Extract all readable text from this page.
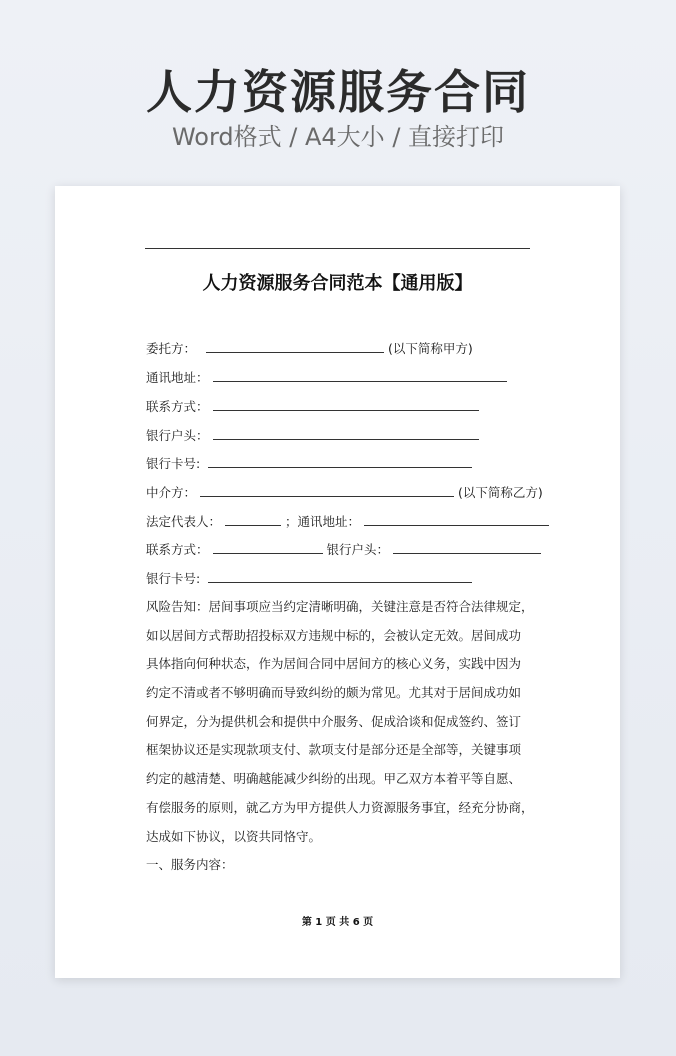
人力资源服务合同
Word格式 / A4大小 / 直接打印
人力资源服务合同范本【通用版】
委托方：	(以下简称甲方)
通讯地址：
联系方式：
银行户头：
银行卡号:
中介方：	(以下简称乙方)
法定代表人：	；通讯地址：
联系方式：	银行户头：
银行卡号:
风险告知：居间事项应当约定清晰明确，关键注意是否符合法律规定，
如以居间方式帮助招投标双方违规中标的，会被认定无效。居间成功
具体指向何种状态，作为居间合同中居间方的核心义务，实践中因为
约定不清或者不够明确而导致纠纷的颇为常见。尤其对于居间成功如
何界定，分为提供机会和提供中介服务、促成洽谈和促成签约、签订
框架协议还是实现款项支付、款项支付是部分还是全部等，关键事项
约定的越清楚、明确越能减少纠纷的出现。甲乙双方本着平等自愿、
有偿服务的原则，就乙方为甲方提供人力资源服务事宜，经充分协商，
达成如下协议，以资共同恪守。
一、服务内容：
第 1 页 共 6 页
